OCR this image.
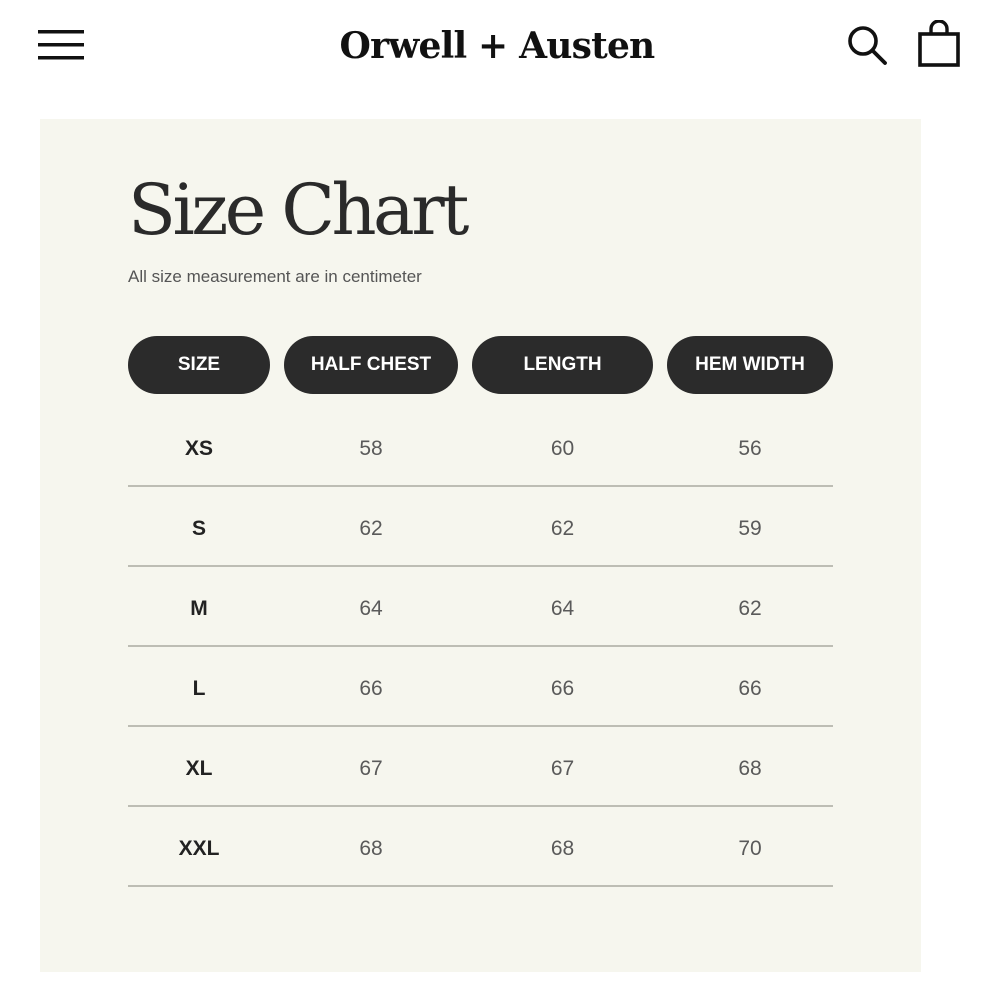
Orwell + Austen
Size Chart
All size measurement are in centimeter
SIZE	HALF CHEST	LENGTH	HEM WIDTH
XS	58	60	56
S	62	62	59
M	64	64	62
L	66	66	66
XL	67	67	68
XXL	68	68	70
